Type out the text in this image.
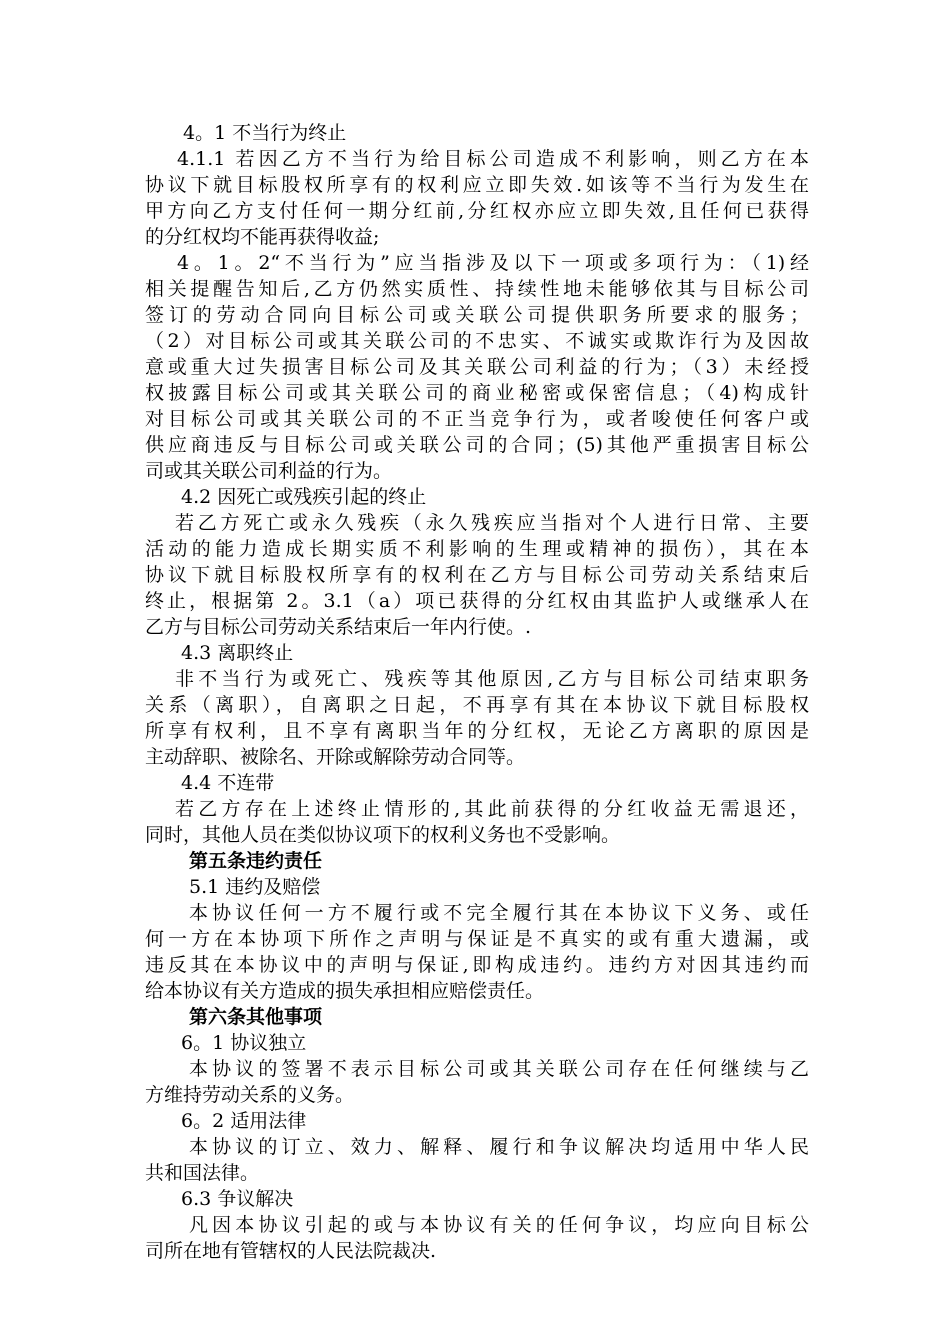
4。1 不当行为终止

4.1.1 若因乙方不当行为给目标公司造成不利影响，则乙方在本

协议下就目标股权所享有的权利应立即失效.如该等不当行为发生在

甲方向乙方支付任何一期分红前,分红权亦应立即失效,且任何已获得

的分红权均不能再获得收益;

4。1。2“不当行为”应当指涉及以下一项或多项行为：（1)经

相关提醒告知后,乙方仍然实质性、持续性地未能够依其与目标公司

签订的劳动合同向目标公司或关联公司提供职务所要求的服务；

（2）对目标公司或其关联公司的不忠实、不诚实或欺诈行为及因故

意或重大过失损害目标公司及其关联公司利益的行为；（3）未经授

权披露目标公司或其关联公司的商业秘密或保密信息；（4)构成针

对目标公司或其关联公司的不正当竞争行为，或者唆使任何客户或

供应商违反与目标公司或关联公司的合同；(5)其他严重损害目标公

司或其关联公司利益的行为。

4.2 因死亡或残疾引起的终止

若乙方死亡或永久残疾（永久残疾应当指对个人进行日常、主要

活动的能力造成长期实质不利影响的生理或精神的损伤），其在本

协议下就目标股权所享有的权利在乙方与目标公司劳动关系结束后

终止，根据第 2。3.1（a）项已获得的分红权由其监护人或继承人在

乙方与目标公司劳动关系结束后一年内行使。.

4.3 离职终止

非不当行为或死亡、残疾等其他原因,乙方与目标公司结束职务

关系（离职），自离职之日起，不再享有其在本协议下就目标股权

所享有权利，且不享有离职当年的分红权，无论乙方离职的原因是

主动辞职、被除名、开除或解除劳动合同等。

4.4 不连带

若乙方存在上述终止情形的,其此前获得的分红收益无需退还，

同时，其他人员在类似协议项下的权利义务也不受影响。

第五条违约责任

5.1 违约及赔偿

本协议任何一方不履行或不完全履行其在本协议下义务、或任

何一方在本协项下所作之声明与保证是不真实的或有重大遗漏，或

违反其在本协议中的声明与保证,即构成违约。违约方对因其违约而

给本协议有关方造成的损失承担相应赔偿责任。

第六条其他事项

6。1 协议独立

本协议的签署不表示目标公司或其关联公司存在任何继续与乙

方维持劳动关系的义务。

6。2 适用法律

本协议的订立、效力、解释、履行和争议解决均适用中华人民

共和国法律。

6.3 争议解决

凡因本协议引起的或与本协议有关的任何争议，均应向目标公

司所在地有管辖权的人民法院裁决.
